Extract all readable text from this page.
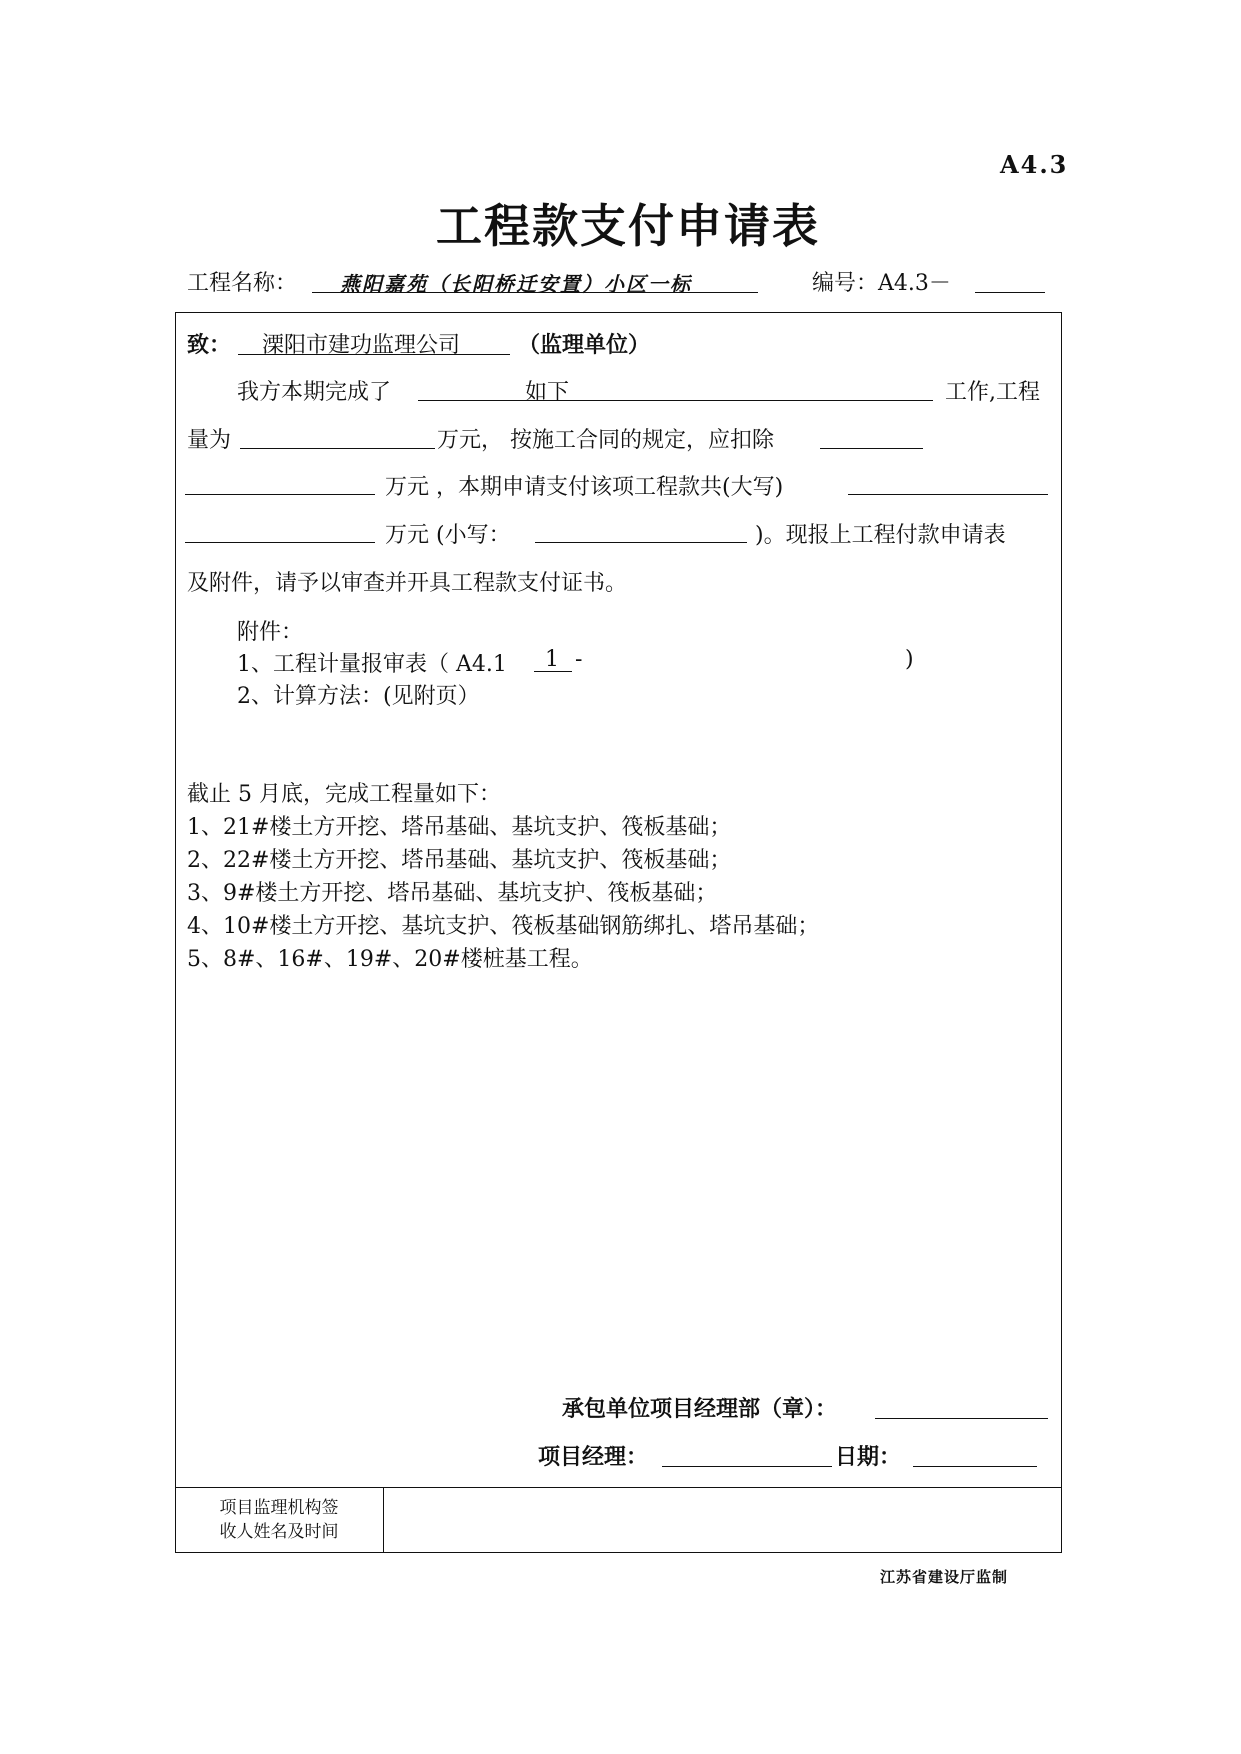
A4.3
工程款支付申请表
工程名称： 燕阳嘉苑（长阳桥迁安置）小区一标	编号：A4.3－
致： 溧阳市建功监理公司	（监理单位）
我方本期完成了	如下	工作,工程
量为	万元， 按施工合同的规定，应扣除
万元 ，本期申请支付该项工程款共(大写)
万元 (小写：	)。现报上工程付款申请表
及附件，请予以审查并开具工程款支付证书。
附件：
1、工程计量报审表（ A4.1 1 -	)
2、计算方法：(见附页）
截止 5 月底，完成工程量如下：
1、21#楼土方开挖、塔吊基础、基坑支护、筏板基础；
2、22#楼土方开挖、塔吊基础、基坑支护、筏板基础；
3、9#楼土方开挖、塔吊基础、基坑支护、筏板基础；
4、10#楼土方开挖、基坑支护、筏板基础钢筋绑扎、塔吊基础；
5、8#、16#、19#、20#楼桩基工程。
承包单位项目经理部（章）：
项目经理：	日期：
项目监理机构签
收人姓名及时间
江苏省建设厅监制
